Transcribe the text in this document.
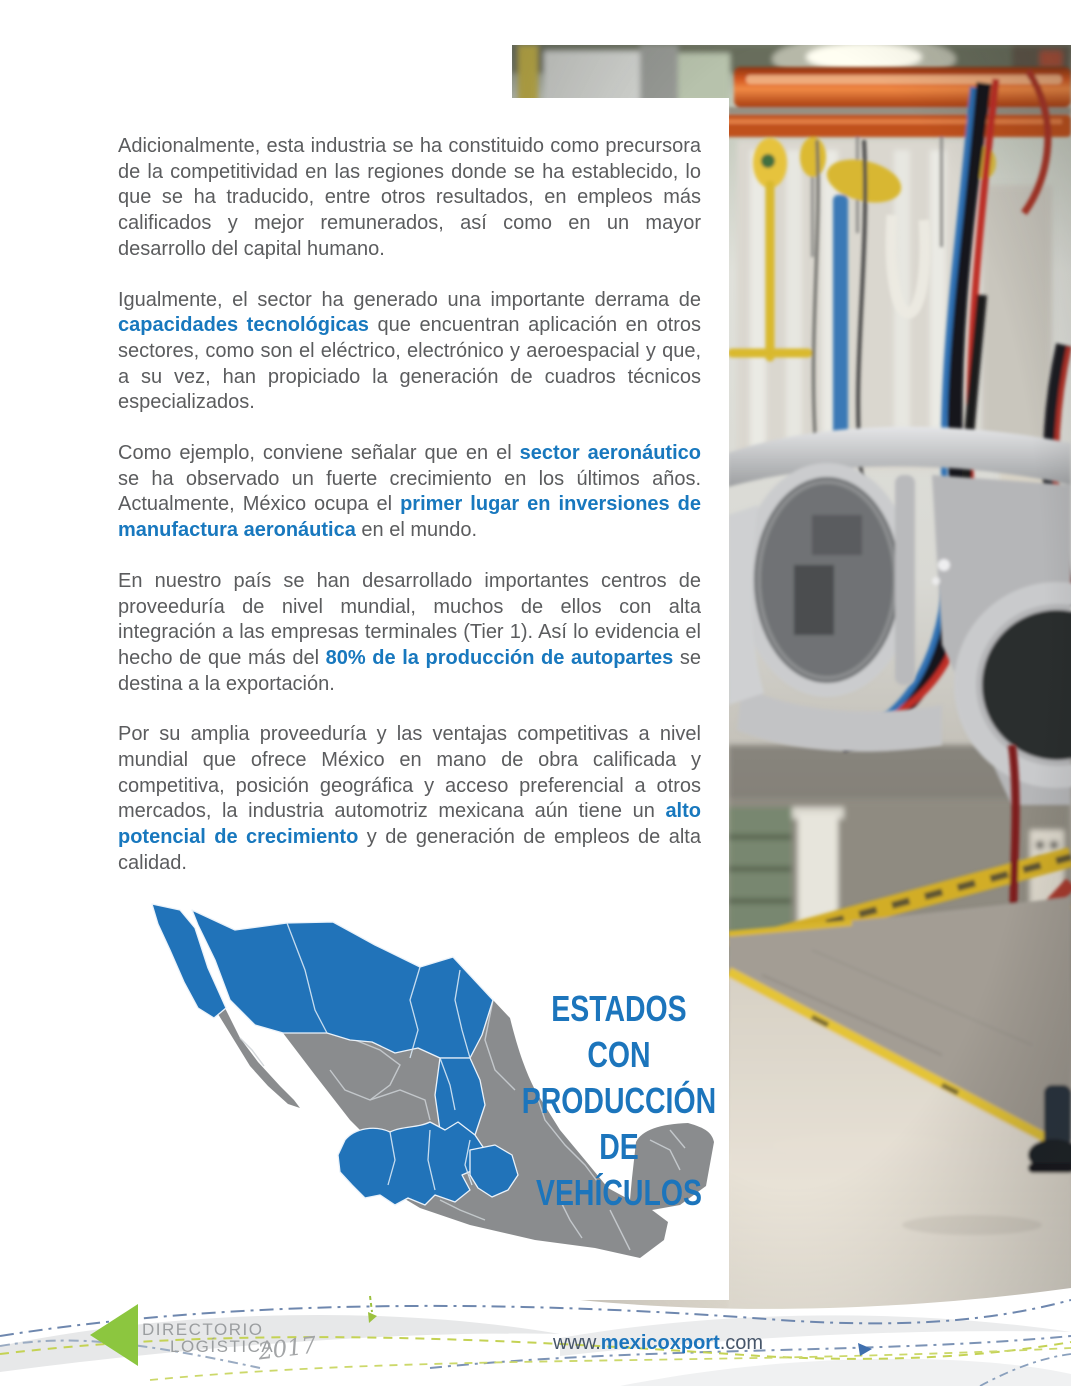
Adicionalmente, esta industria se ha constituido como precursora de la competitividad en las regiones donde se ha establecido, lo que se ha traducido, entre otros resultados, en empleos más calificados y mejor remunerados, así como en un mayor desarrollo del capital humano.

Igualmente, el sector ha generado una importante derrama de capacidades tecnológicas que encuentran aplicación en otros sectores, como son el eléctrico, electrónico y aeroespacial y que, a su vez, han propiciado la generación de cuadros técnicos especializados.

Como ejemplo, conviene señalar que en el sector aeronáutico se ha observado un fuerte crecimiento en los últimos años. Actualmente, México ocupa el primer lugar en inversiones de manufactura aeronáutica en el mundo.

En nuestro país se han desarrollado importantes centros de proveeduría de nivel mundial, muchos de ellos con alta integración a las empresas terminales (Tier 1). Así lo evidencia el hecho de que más del 80% de la producción de autopartes se destina a la exportación.

Por su amplia proveeduría y las ventajas competitivas a nivel mundial que ofrece México en mano de obra calificada y competitiva, posición geográfica y acceso preferencial a otros mercados, la industria automotriz mexicana aún tiene un alto potencial de crecimiento y de generación de empleos de alta calidad.

ESTADOS CON
PRODUCCIÓN
DE VEHÍCULOS
DIRECTORIO
LOGÍSTICA
2017	www.mexicoxport.com
